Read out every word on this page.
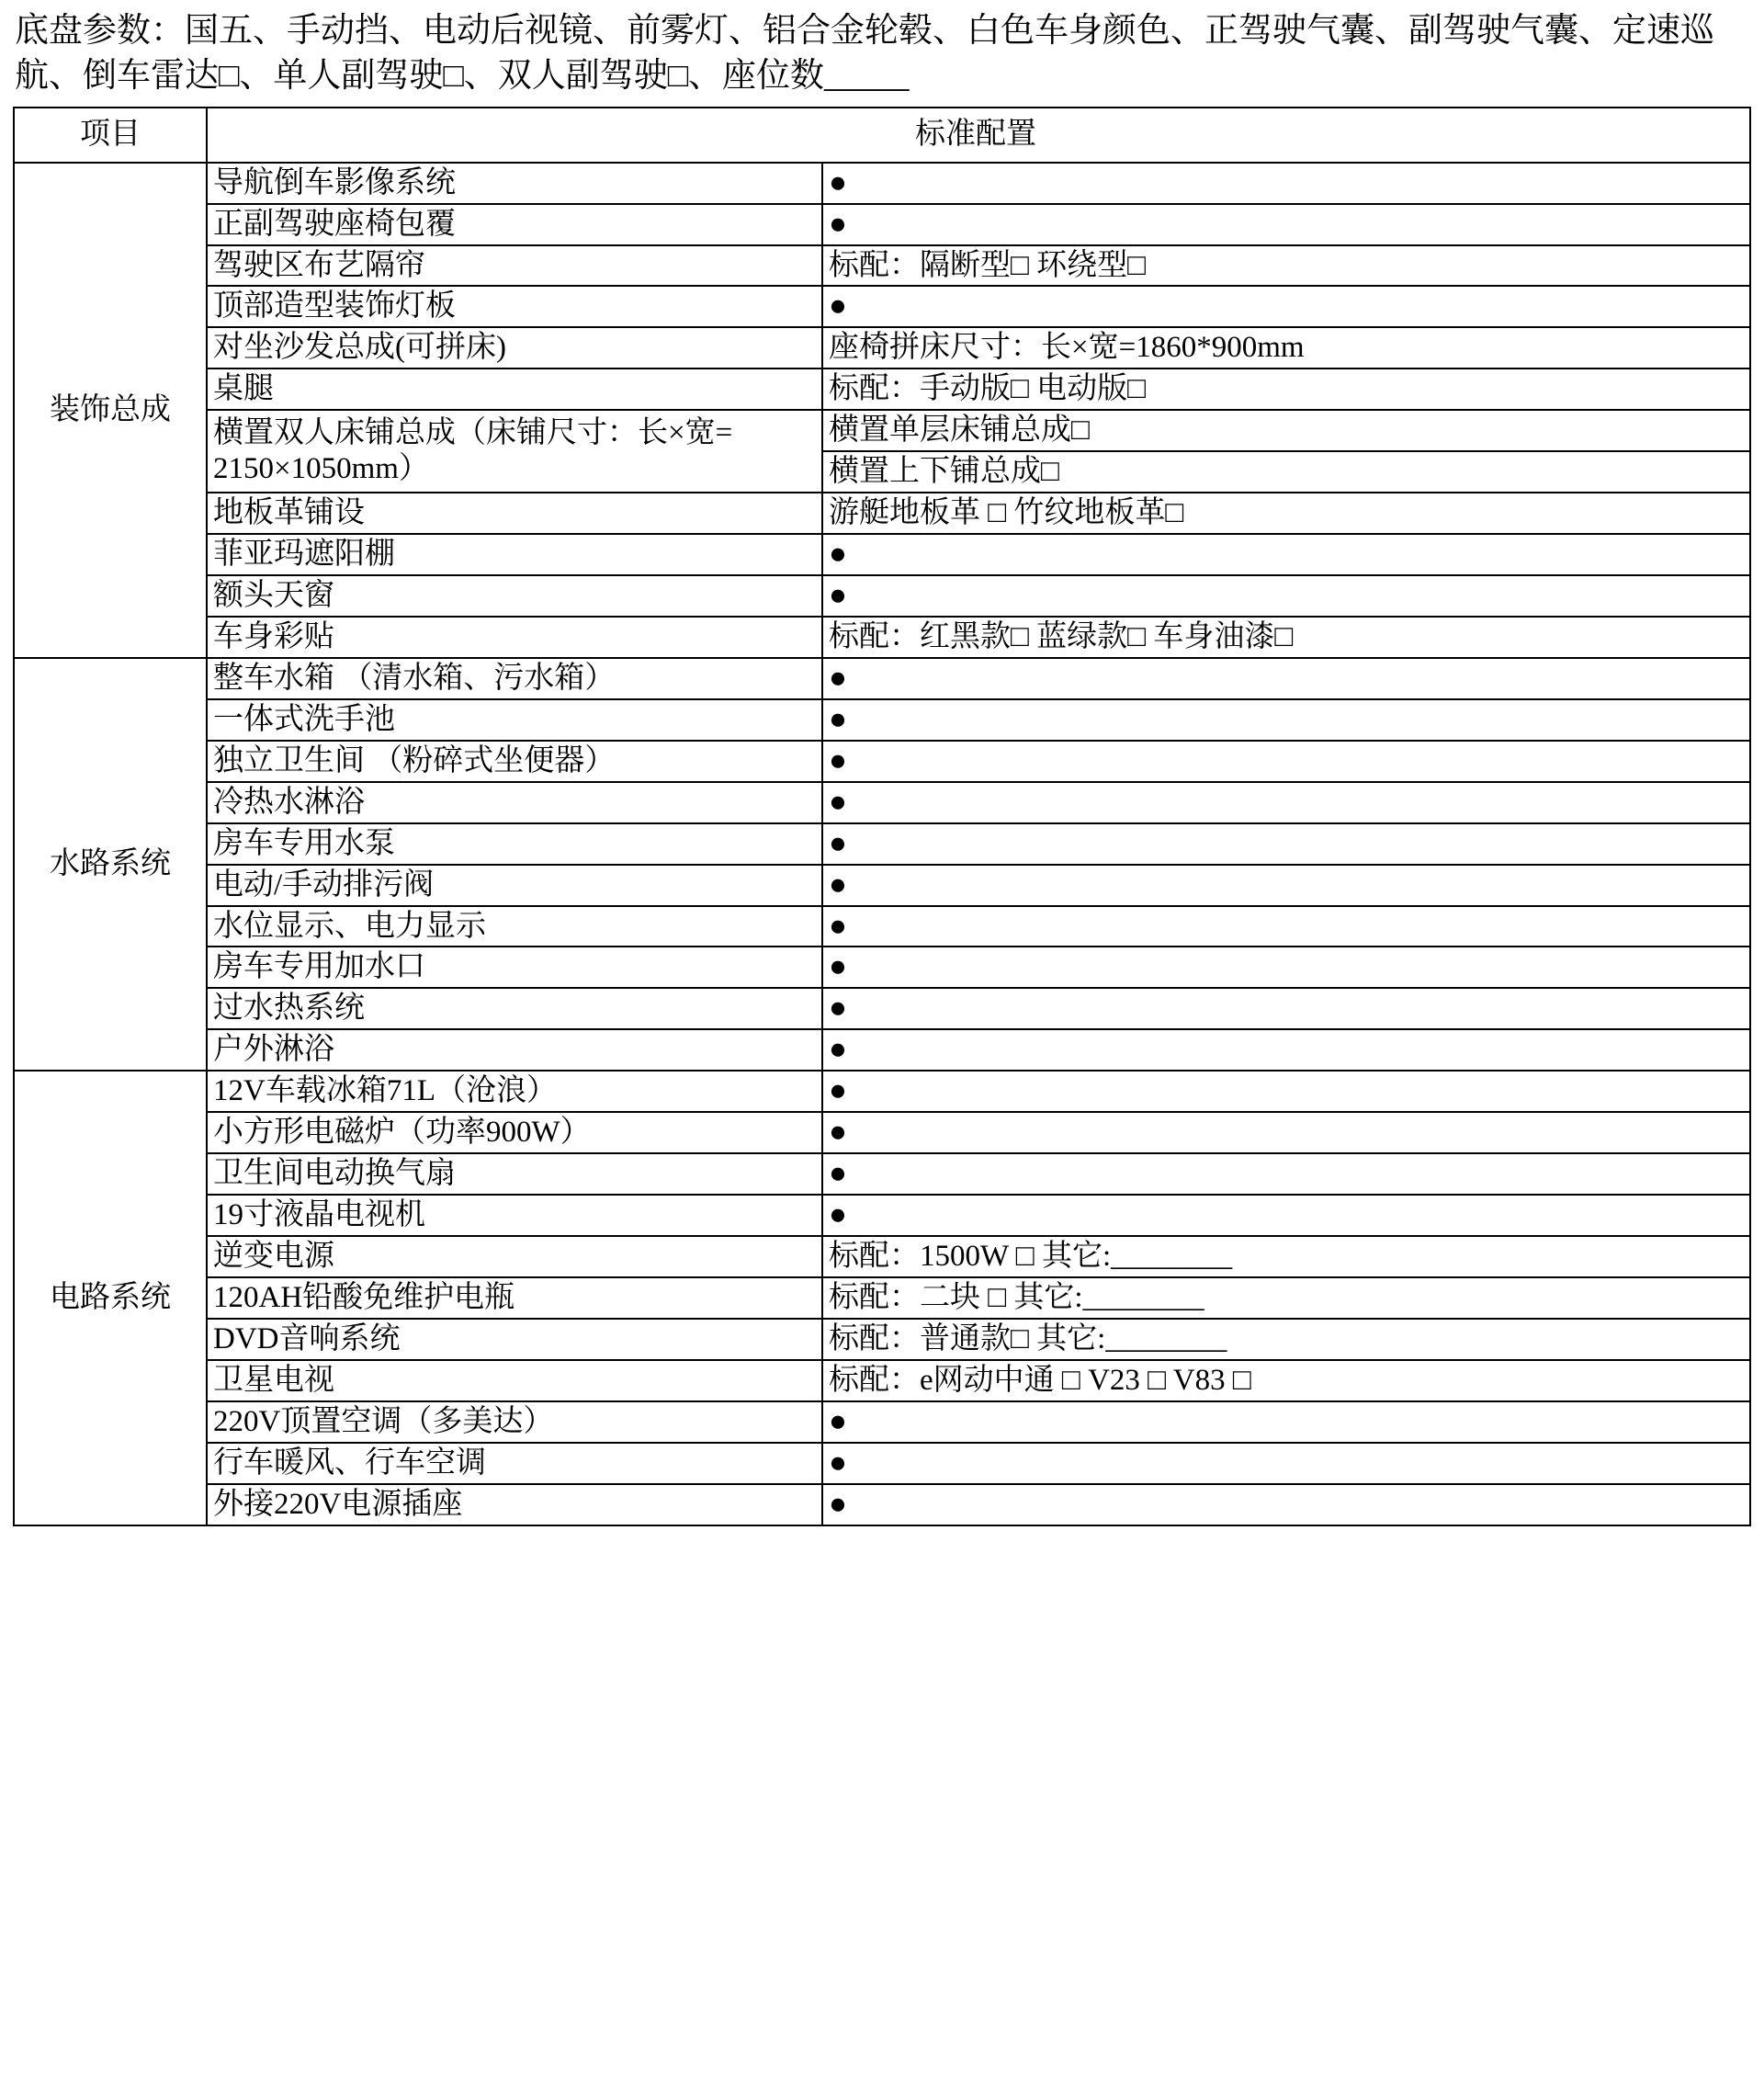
底盘参数：国五、手动挡、电动后视镜、前雾灯、铝合金轮毂、白色车身颜色、正驾驶气囊、副驾驶气囊、定速巡航、倒车雷达□、单人副驾驶□、双人副驾驶□、座位数_____
项目	标准配置	
装饰总成	导航倒车影像系统	●
	正副驾驶座椅包覆	●
	驾驶区布艺隔帘	标配：隔断型□ 环绕型□
	顶部造型装饰灯板	●
	对坐沙发总成(可拼床)	座椅拼床尺寸：长×宽=1860*900mm
	桌腿	标配：手动版□ 电动版□
	横置双人床铺总成（床铺尺寸：长×宽= 2150×1050mm）	横置单层床铺总成□
		横置上下铺总成□
	地板革铺设	游艇地板革 □ 竹纹地板革□
	菲亚玛遮阳棚	●
	额头天窗	●
	车身彩贴	标配：红黑款□ 蓝绿款□ 车身油漆□
水路系统	整车水箱 （清水箱、污水箱）	●
	一体式洗手池	●
	独立卫生间 （粉碎式坐便器）	●
	冷热水淋浴	●
	房车专用水泵	●
	电动/手动排污阀	●
	水位显示、电力显示	●
	房车专用加水口	●
	过水热系统	●
	户外淋浴	●
电路系统	12V车载冰箱71L（沧浪）	●
	小方形电磁炉（功率900W）	●
	卫生间电动换气扇	●
	19寸液晶电视机	●
	逆变电源	标配：1500W □ 其它:________
	120AH铅酸免维护电瓶	标配：二块 □ 其它:________
	DVD音响系统	标配：普通款□ 其它:________
	卫星电视	标配：e网动中通 □ V23 □ V83 □
	220V顶置空调（多美达）	●
	行车暖风、行车空调	●
	外接220V电源插座	●
